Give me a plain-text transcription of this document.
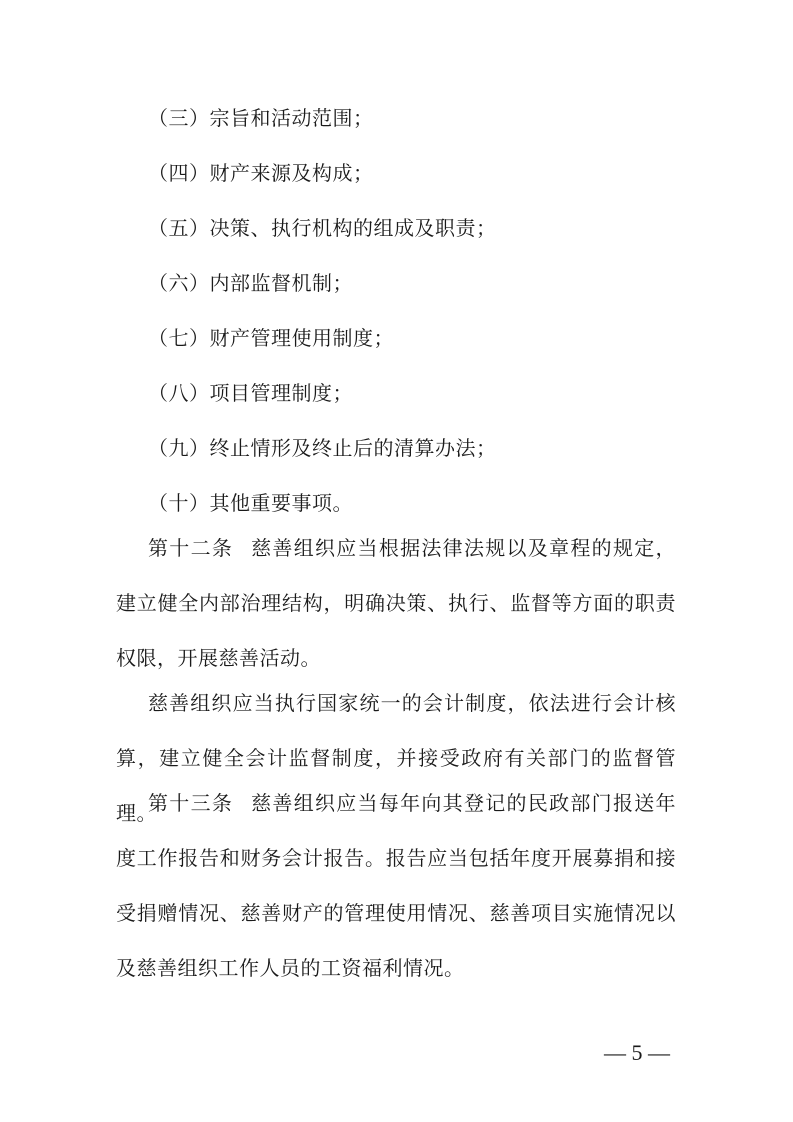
（三）宗旨和活动范围；
（四）财产来源及构成；
（五）决策、执行机构的组成及职责；
（六）内部监督机制；
（七）财产管理使用制度；
（八）项目管理制度；
（九）终止情形及终止后的清算办法；
（十）其他重要事项。

第十二条 慈善组织应当根据法律法规以及章程的规定，建立健全内部治理结构，明确决策、执行、监督等方面的职责权限，开展慈善活动。

慈善组织应当执行国家统一的会计制度，依法进行会计核算，建立健全会计监督制度，并接受政府有关部门的监督管理。

第十三条 慈善组织应当每年向其登记的民政部门报送年度工作报告和财务会计报告。报告应当包括年度开展募捐和接受捐赠情况、慈善财产的管理使用情况、慈善项目实施情况以及慈善组织工作人员的工资福利情况。

— 5 —
